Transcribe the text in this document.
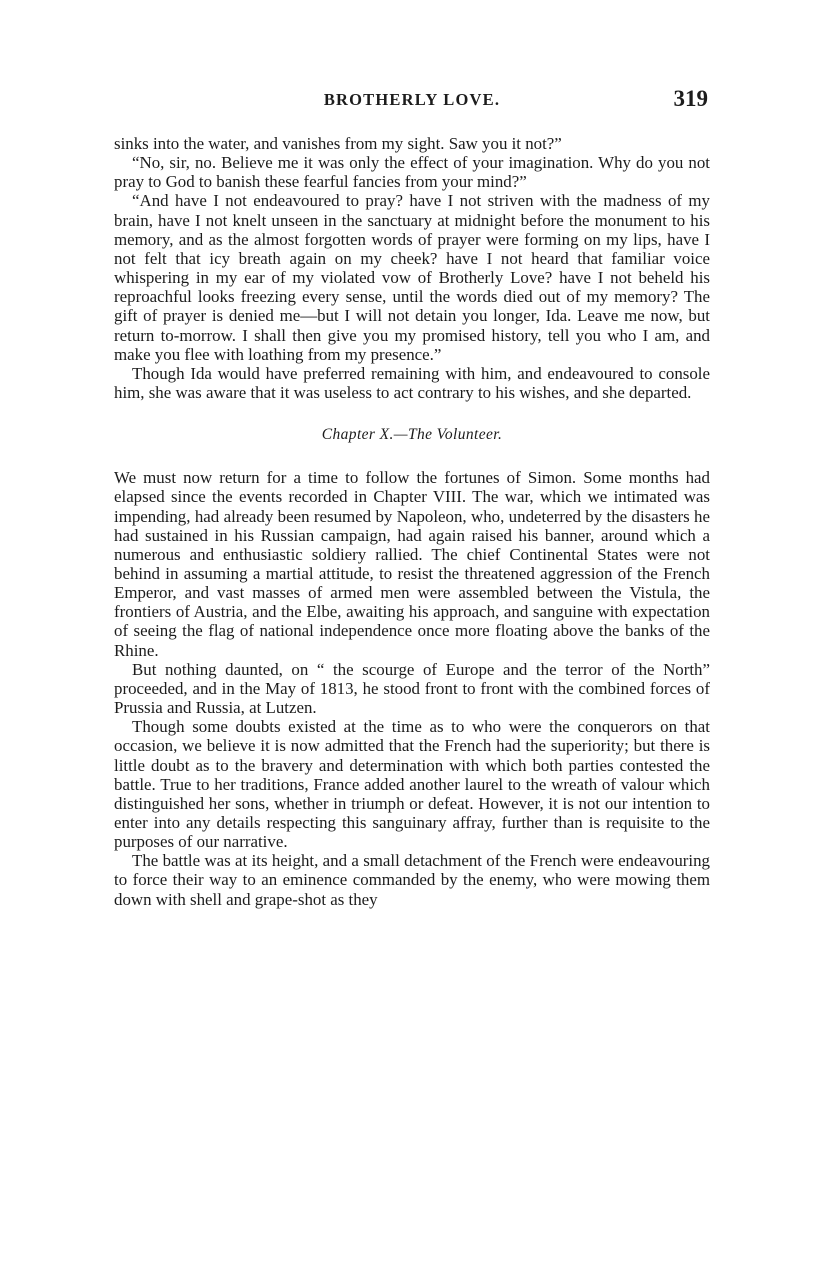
BROTHERLY LOVE.	319

sinks into the water, and vanishes from my sight. Saw you it not?”

“No, sir, no. Believe me it was only the effect of your imagination. Why do you not pray to God to banish these fearful fancies from your mind?”

“And have I not endeavoured to pray? have I not striven with the madness of my brain, have I not knelt unseen in the sanctuary at midnight before the monument to his memory, and as the almost forgotten words of prayer were forming on my lips, have I not felt that icy breath again on my cheek? have I not heard that familiar voice whispering in my ear of my violated vow of Brotherly Love? have I not beheld his reproachful looks freezing every sense, until the words died out of my memory? The gift of prayer is denied me—but I will not detain you longer, Ida. Leave me now, but return to-morrow. I shall then give you my promised history, tell you who I am, and make you flee with loathing from my presence.”

Though Ida would have preferred remaining with him, and endeavoured to console him, she was aware that it was useless to act contrary to his wishes, and she departed.

Chapter X.—The Volunteer.

We must now return for a time to follow the fortunes of Simon. Some months had elapsed since the events recorded in Chapter VIII. The war, which we intimated was impending, had already been resumed by Napoleon, who, undeterred by the disasters he had sustained in his Russian campaign, had again raised his banner, around which a numerous and enthusiastic soldiery rallied. The chief Continental States were not behind in assuming a martial attitude, to resist the threatened aggression of the French Emperor, and vast masses of armed men were assembled between the Vistula, the frontiers of Austria, and the Elbe, awaiting his approach, and sanguine with expectation of seeing the flag of national independence once more floating above the banks of the Rhine.

But nothing daunted, on “ the scourge of Europe and the terror of the North” proceeded, and in the May of 1813, he stood front to front with the combined forces of Prussia and Russia, at Lutzen.

Though some doubts existed at the time as to who were the conquerors on that occasion, we believe it is now admitted that the French had the superiority; but there is little doubt as to the bravery and determination with which both parties contested the battle. True to her traditions, France added another laurel to the wreath of valour which distinguished her sons, whether in triumph or defeat. However, it is not our intention to enter into any details respecting this sanguinary affray, further than is requisite to the purposes of our narrative.

The battle was at its height, and a small detachment of the French were endeavouring to force their way to an eminence commanded by the enemy, who were mowing them down with shell and grape-shot as they
